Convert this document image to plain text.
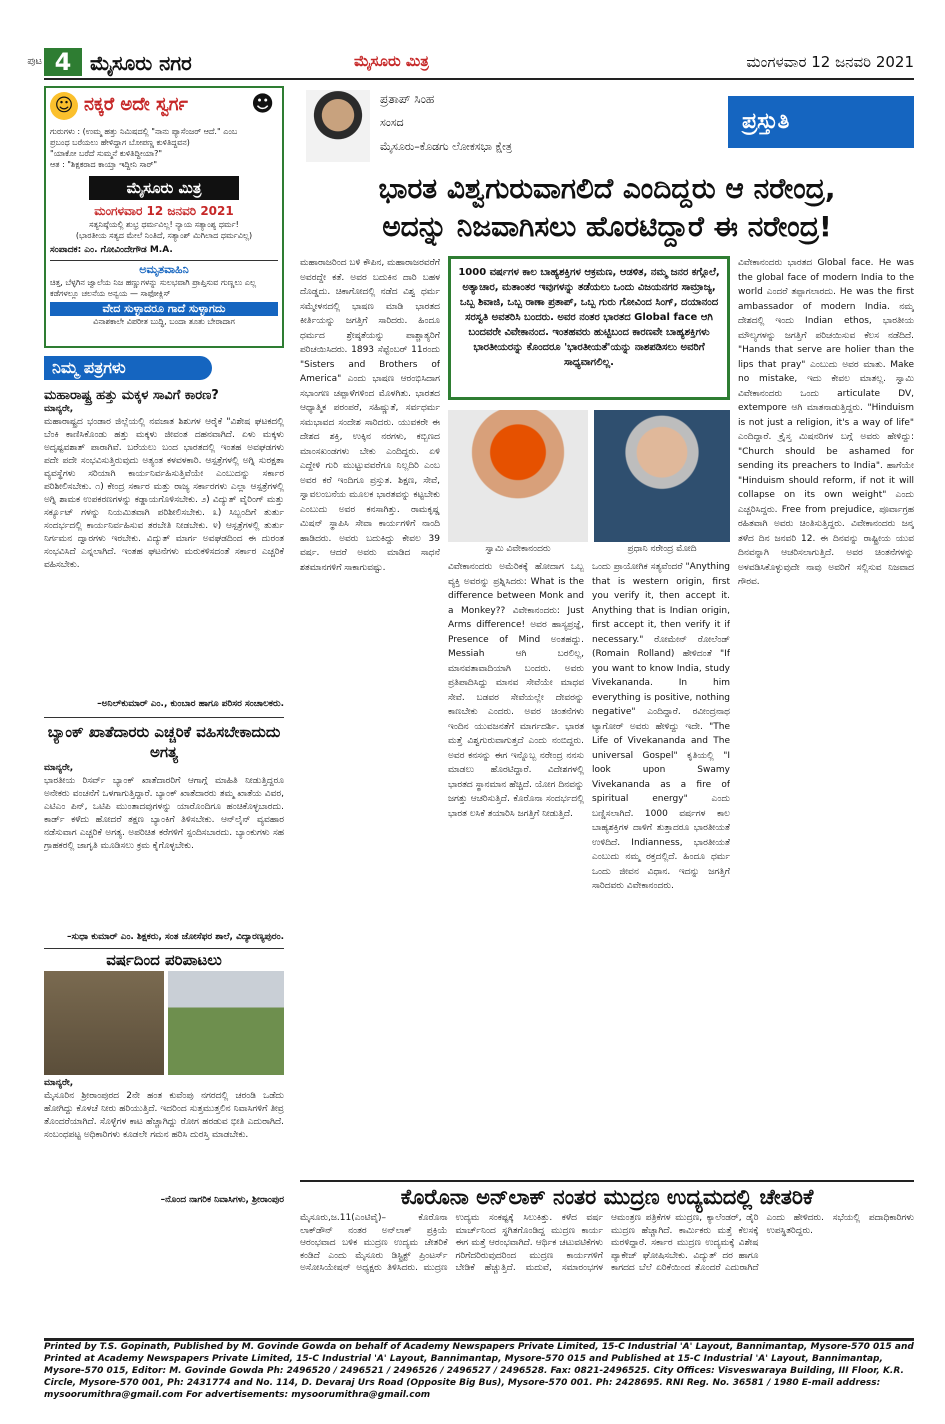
ಪುಟ 4 ಮೈಸೂರು ನಗರ	ಮೈಸೂರು ಮಿತ್ರ	ಮಂಗಳವಾರ 12 ಜನವರಿ 2021
☺ ನಕ್ಕರೆ ಅದೇ ಸ್ವರ್ಗ	☻
ಗುರುಗಳು : (ಉಮ್ಮ ಹತ್ತು ನಿಮಿಷದಲ್ಲಿ "ನಾನು ಪ್ಯಾಸೆಂಜರ್ ಆದೆ." ಎಂಬ
ಪ್ರಬಂಧ ಬರೆಯಲು ಹೇಳಿದ್ದಾಗ ಬೋಪಣ್ಣ ಕುಳಿತಿದ್ದವನ)
"ಯಾಕೋ ಬರೆದೆ ಸುಮ್ಮನೆ ಕುಳಿತಿದ್ದೀಯಾ?"
ಆತ : "ಶಿಕ್ಷಕರಾದ ಕಾಯ್ತಾ ಇದ್ದೀನಿ ಸಾರ್"
ಮೈಸೂರು ಮಿತ್ರ
ಮಂಗಳವಾರ 12 ಜನವರಿ 2021
ಸತ್ಯನಿಷ್ಠೆಯಲ್ಲಿ ಶುಭ್ರ ಧರ್ಮವಿಲ್ಲ! ನ್ಯಾಯ ಸತ್ಯಾಂಶ್ಯ ಧರ್ಮ!
(ಭಾರತೀಯ ಸತ್ಯದ ಮೇಲೆ ನಿಂತಿದೆ, ಸತ್ಯಾಂಶ್ ಮಿಗಿಲಾದ ಧರ್ಮವಿಲ್ಲ)
ಸಂಪಾದಕ: ಎಂ. ಗೋವಿಂದೇಗೌಡ M.A.
ಅಮೃತವಾಹಿನಿ
ಚಿತ್ತ, ಬೆಳ್ಳಗಿನ ಜ್ವಾಲೆಯ ನಿಜ ಹಣ್ಣುಗಳನ್ನು ಸುಲಭವಾಗಿ ಪ್ರಾಪ್ತಿಸುವ ಗುಣ್ಣಲು ಎಲ್ಲ ಕಡೆಗಳಲ್ಲೂ ಚಲನೆಯ ಅನ್ವಯ — ಸಾಫೋಕ್ಲಿಸ್
ವೇದ ಸುಳ್ಳಾದರೂ ಗಾದೆ ಸುಳ್ಳಾಗದು
ವಿನಾಶಕಾಲೇ ವಿಪರೀತ ಬುದ್ಧಿ, ಬಂದಾ ತೂತು ಬೇರಾದಾಗ
ನಿಮ್ಮ ಪತ್ರಗಳು
ಮಹಾರಾಷ್ಟ್ರ ಹತ್ತು ಮಕ್ಕಳ ಸಾವಿಗೆ ಕಾರಣ?
ಮಾನ್ಯರೇ,
ಮಹಾರಾಷ್ಟ್ರದ ಭಂಡಾರ ಜಿಲ್ಲೆಯಲ್ಲಿ ನವಜಾತ ಶಿಶುಗಳ ಆರೈಕೆ "ವಿಶೇಷ ಘಟಕದಲ್ಲಿ ಬೆಂಕಿ ಕಾಣಿಸಿಕೊಂಡು ಹತ್ತು ಮಕ್ಕಳು ಜೀವಂತ ದಹನವಾಗಿದೆ. ಏಳು ಮಕ್ಕಳು ಅದೃಷ್ಟವಶಾತ್ ಪಾರಾಗಿವೆ. ಬರೆಯಲು ಬಂದ ಭಾರತದಲ್ಲಿ ಇಂತಹ ಅವಘಡಗಳು ಪದೇ ಪದೇ ಸಂಭವಿಸುತ್ತಿರುವುದು ಅತ್ಯಂತ ಕಳವಳಕಾರಿ. ಆಸ್ಪತ್ರೆಗಳಲ್ಲಿ ಅಗ್ನಿ ಸುರಕ್ಷತಾ ವ್ಯವಸ್ಥೆಗಳು ಸರಿಯಾಗಿ ಕಾರ್ಯನಿರ್ವಹಿಸುತ್ತಿವೆಯೇ ಎಂಬುದನ್ನು ಸರ್ಕಾರ ಪರಿಶೀಲಿಸಬೇಕು. ೧) ಕೇಂದ್ರ ಸರ್ಕಾರ ಮತ್ತು ರಾಜ್ಯ ಸರ್ಕಾರಗಳು ಎಲ್ಲಾ ಆಸ್ಪತ್ರೆಗಳಲ್ಲಿ ಅಗ್ನಿ ಶಾಮಕ ಉಪಕರಣಗಳನ್ನು ಕಡ್ಡಾಯಗೊಳಿಸಬೇಕು. ೨) ವಿದ್ಯುತ್ ವೈರಿಂಗ್ ಮತ್ತು ಸರ್ಕ್ಯೂಟ್ ಗಳನ್ನು ನಿಯಮಿತವಾಗಿ ಪರಿಶೀಲಿಸಬೇಕು. ೩) ಸಿಬ್ಬಂದಿಗೆ ತುರ್ತು ಸಂದರ್ಭದಲ್ಲಿ ಕಾರ್ಯನಿರ್ವಹಿಸುವ ತರಬೇತಿ ನೀಡಬೇಕು. ೪) ಆಸ್ಪತ್ರೆಗಳಲ್ಲಿ ತುರ್ತು ನಿರ್ಗಮನ ದ್ವಾರಗಳು ಇರಬೇಕು. ವಿದ್ಯುತ್ ಮಾರ್ಗ ಅವಘಡದಿಂದ ಈ ದುರಂತ ಸಂಭವಿಸಿದೆ ಎನ್ನಲಾಗಿದೆ. ಇಂತಹ ಘಟನೆಗಳು ಮರುಕಳಿಸದಂತೆ ಸರ್ಕಾರ ಎಚ್ಚರಿಕೆ ವಹಿಸಬೇಕು.
–ಅನಿಲ್‌ಕುಮಾರ್ ಎಂ., ಕುಂಬಾರ ಹಾಗೂ ಪರಿಸರ ಸಂಚಾಲಕರು.
ಬ್ಯಾಂಕ್ ಖಾತೆದಾರರು ಎಚ್ಚರಿಕೆ ವಹಿಸಬೇಕಾದುದು ಅಗತ್ಯ
ಮಾನ್ಯರೇ,
ಭಾರತೀಯ ರಿಸರ್ವ್ ಬ್ಯಾಂಕ್ ಖಾತೆದಾರರಿಗೆ ಆಗಾಗ್ಗೆ ಮಾಹಿತಿ ನೀಡುತ್ತಿದ್ದರೂ ಅನೇಕರು ವಂಚನೆಗೆ ಒಳಗಾಗುತ್ತಿದ್ದಾರೆ. ಬ್ಯಾಂಕ್ ಖಾತೆದಾರರು ತಮ್ಮ ಖಾತೆಯ ವಿವರ, ಎಟಿಎಂ ಪಿನ್, ಒಟಿಪಿ ಮುಂತಾದವುಗಳನ್ನು ಯಾರೊಂದಿಗೂ ಹಂಚಿಕೊಳ್ಳಬಾರದು. ಕಾರ್ಡ್ ಕಳೆದು ಹೋದರೆ ತಕ್ಷಣ ಬ್ಯಾಂಕಿಗೆ ತಿಳಿಸಬೇಕು. ಆನ್‌ಲೈನ್ ವ್ಯವಹಾರ ನಡೆಸುವಾಗ ಎಚ್ಚರಿಕೆ ಅಗತ್ಯ. ಅಪರಿಚಿತ ಕರೆಗಳಿಗೆ ಸ್ಪಂದಿಸಬಾರದು. ಬ್ಯಾಂಕುಗಳು ಸಹ ಗ್ರಾಹಕರಲ್ಲಿ ಜಾಗೃತಿ ಮೂಡಿಸಲು ಕ್ರಮ ಕೈಗೊಳ್ಳಬೇಕು.
–ಸುಧಾ ಕುಮಾರ್ ಎಂ. ಶಿಕ್ಷಕರು, ಸಂತ ಜೋಸೆಫರ ಶಾಲೆ, ವಿದ್ಯಾರಣ್ಯಪುರಂ.
ವರ್ಷದಿಂದ ಪರಿಪಾಟಲು
ಮಾನ್ಯರೇ,
ಮೈಸೂರಿನ ಶ್ರೀರಾಂಪುರದ 2ನೇ ಹಂತ ಕುವೆಂಪು ನಗರದಲ್ಲಿ ಚರಂಡಿ ಒಡೆದು ಹೋಗಿದ್ದು ಕೊಳಚೆ ನೀರು ಹರಿಯುತ್ತಿದೆ. ಇದರಿಂದ ಸುತ್ತಮುತ್ತಲಿನ ನಿವಾಸಿಗಳಿಗೆ ತೀವ್ರ ತೊಂದರೆಯಾಗಿದೆ. ಸೊಳ್ಳೆಗಳ ಕಾಟ ಹೆಚ್ಚಾಗಿದ್ದು ರೋಗ ಹರಡುವ ಭೀತಿ ಎದುರಾಗಿದೆ. ಸಂಬಂಧಪಟ್ಟ ಅಧಿಕಾರಿಗಳು ಕೂಡಲೇ ಗಮನ ಹರಿಸಿ ದುರಸ್ತಿ ಮಾಡಬೇಕು.
–ನೊಂದ ನಾಗರಿಕ ನಿವಾಸಿಗಳು, ಶ್ರೀರಾಂಪುರ
ಪ್ರತಾಪ್ ಸಿಂಹ
ಸಂಸದ
ಮೈಸೂರು–ಕೊಡಗು ಲೋಕಸಭಾ ಕ್ಷೇತ್ರ
ಪ್ರಸ್ತುತಿ
ಭಾರತ ವಿಶ್ವಗುರುವಾಗಲಿದೆ ಎಂದಿದ್ದರು ಆ ನರೇಂದ್ರ,
ಅದನ್ನು ನಿಜವಾಗಿಸಲು ಹೊರಟಿದ್ದಾರೆ ಈ ನರೇಂದ್ರ!
ಮಹಾರಾಜರಿಂದ ಬಳಿ ಕೌಪಿನ, ಮಹಾರಾಜರವರೆಗೆ ಅವರದ್ದೇ ಕತೆ. ಅವರ ಬದುಕಿನ ದಾರಿ ಬಹಳ ದೊಡ್ಡದು. ಚಿಕಾಗೋದಲ್ಲಿ ನಡೆದ ವಿಶ್ವ ಧರ್ಮ ಸಮ್ಮೇಳನದಲ್ಲಿ ಭಾಷಣ ಮಾಡಿ ಭಾರತದ ಕೀರ್ತಿಯನ್ನು ಜಗತ್ತಿಗೆ ಸಾರಿದರು. ಹಿಂದೂ ಧರ್ಮದ ಶ್ರೇಷ್ಠತೆಯನ್ನು ಪಾಶ್ಚಾತ್ಯರಿಗೆ ಪರಿಚಯಿಸಿದರು. 1893 ಸೆಪ್ಟೆಂಬರ್ 11ರಂದು "Sisters and Brothers of America" ಎಂದು ಭಾಷಣ ಆರಂಭಿಸಿದಾಗ ಸಭಾಂಗಣ ಚಪ್ಪಾಳೆಗಳಿಂದ ಮೊಳಗಿತು. ಭಾರತದ ಆಧ್ಯಾತ್ಮಿಕ ಪರಂಪರೆ, ಸಹಿಷ್ಣುತೆ, ಸರ್ವಧರ್ಮ ಸಮಭಾವದ ಸಂದೇಶ ಸಾರಿದರು. ಯುವಕರೇ ಈ ದೇಶದ ಶಕ್ತಿ, ಉಕ್ಕಿನ ನರಗಳು, ಕಬ್ಬಿಣದ ಮಾಂಸಖಂಡಗಳು ಬೇಕು ಎಂದಿದ್ದರು. ಏಳಿ ಎದ್ದೇಳಿ ಗುರಿ ಮುಟ್ಟುವವರೆಗೂ ನಿಲ್ಲದಿರಿ ಎಂಬ ಅವರ ಕರೆ ಇಂದಿಗೂ ಪ್ರಸ್ತುತ. ಶಿಕ್ಷಣ, ಸೇವೆ, ಸ್ವಾವಲಂಬನೆಯ ಮೂಲಕ ಭಾರತವನ್ನು ಕಟ್ಟಬೇಕು ಎಂಬುದು ಅವರ ಕನಸಾಗಿತ್ತು. ರಾಮಕೃಷ್ಣ ಮಿಷನ್ ಸ್ಥಾಪಿಸಿ ಸೇವಾ ಕಾರ್ಯಗಳಿಗೆ ನಾಂದಿ ಹಾಡಿದರು. ಅವರು ಬದುಕಿದ್ದು ಕೇವಲ 39 ವರ್ಷ. ಆದರೆ ಅವರು ಮಾಡಿದ ಸಾಧನೆ ಶತಮಾನಗಳಿಗೆ ಸಾಕಾಗುವಷ್ಟು.
1000 ವರ್ಷಗಳ ಕಾಲ ಬಾಹ್ಯಶಕ್ತಿಗಳ ಆಕ್ರಮಣ, ಆಡಳಿತ, ನಮ್ಮ ಜನರ ಕಗ್ಗೊಲೆ, ಅತ್ಯಾಚಾರ, ಮತಾಂತರ ಇವುಗಳನ್ನು ತಡೆಯಲು ಒಂದು ವಿಜಯನಗರ ಸಾಮ್ರಾಜ್ಯ, ಒಬ್ಬ ಶಿವಾಜಿ, ಒಬ್ಬ ರಾಣಾ ಪ್ರತಾಪ್, ಒಬ್ಬ ಗುರು ಗೋವಿಂದ ಸಿಂಗ್, ದಯಾನಂದ ಸರಸ್ವತಿ ಅವತರಿಸಿ ಬಂದರು. ಅವರ ನಂತರ ಭಾರತದ Global face ಆಗಿ ಬಂದವರೇ ವಿವೇಕಾನಂದ. ಇಂತಹವರು ಹುಟ್ಟಿಬಂದ ಕಾರಣವೇ ಬಾಹ್ಯಶಕ್ತಿಗಳು ಭಾರತೀಯರನ್ನು ಕೊಂದರೂ 'ಭಾರತೀಯತೆ'ಯನ್ನು ನಾಶಪಡಿಸಲು ಅವರಿಗೆ ಸಾಧ್ಯವಾಗಲಿಲ್ಲ.
ಸ್ವಾಮಿ ವಿವೇಕಾನಂದರು	ಪ್ರಧಾನಿ ನರೇಂದ್ರ ಮೋದಿ
ವಿವೇಕಾನಂದರು ಅಮೆರಿಕಕ್ಕೆ ಹೋದಾಗ ಒಬ್ಬ ವ್ಯಕ್ತಿ ಅವರನ್ನು ಪ್ರಶ್ನಿಸಿದರು: What is the difference between Monk and a Monkey?? ವಿವೇಕಾನಂದರು: Just Arms difference! ಅವರ ಹಾಸ್ಯಪ್ರಜ್ಞೆ, Presence of Mind ಅಂತಹದ್ದು. Messiah ಆಗಿ ಬರಲಿಲ್ಲ, ಮಾನವತಾವಾದಿಯಾಗಿ ಬಂದರು. ಅವರು ಪ್ರತಿಪಾದಿಸಿದ್ದು ಮಾನವ ಸೇವೆಯೇ ಮಾಧವ ಸೇವೆ. ಬಡವರ ಸೇವೆಯಲ್ಲೇ ದೇವರನ್ನು ಕಾಣಬೇಕು ಎಂದರು. ಅವರ ಚಿಂತನೆಗಳು ಇಂದಿನ ಯುವಜನತೆಗೆ ಮಾರ್ಗದರ್ಶಿ. ಭಾರತ ಮತ್ತೆ ವಿಶ್ವಗುರುವಾಗುತ್ತದೆ ಎಂದು ನಂಬಿದ್ದರು. ಅವರ ಕನಸನ್ನು ಈಗ ಇನ್ನೊಬ್ಬ ನರೇಂದ್ರ ನನಸು ಮಾಡಲು ಹೊರಟಿದ್ದಾರೆ. ವಿದೇಶಗಳಲ್ಲಿ ಭಾರತದ ಸ್ಥಾನಮಾನ ಹೆಚ್ಚಿದೆ. ಯೋಗ ದಿನವನ್ನು ಜಗತ್ತು ಆಚರಿಸುತ್ತಿದೆ. ಕೊರೊನಾ ಸಂದರ್ಭದಲ್ಲಿ ಭಾರತ ಲಸಿಕೆ ತಯಾರಿಸಿ ಜಗತ್ತಿಗೆ ನೀಡುತ್ತಿದೆ.
ಒಂದು ಪ್ರಾಯೋಗಿಕ ಸತ್ಯವೆಂದರೆ "Anything that is western origin, first you verify it, then accept it. Anything that is Indian origin, first accept it, then verify it if necessary." ರೋಮೇನ್ ರೋಲೆಂಡ್ (Romain Rolland) ಹೇಳಿದಂತೆ "If you want to know India, study Vivekananda. In him everything is positive, nothing negative" ಎಂದಿದ್ದಾರೆ. ರವೀಂದ್ರನಾಥ ಟ್ಯಾಗೋರ್ ಅವರು ಹೇಳಿದ್ದು ಇದೇ. "The Life of Vivekananda and The universal Gospel" ಕೃತಿಯಲ್ಲಿ "I look upon Swamy Vivekananda as a fire of spiritual energy" ಎಂದು ಬಣ್ಣಿಸಲಾಗಿದೆ. 1000 ವರ್ಷಗಳ ಕಾಲ ಬಾಹ್ಯಶಕ್ತಿಗಳ ದಾಳಿಗೆ ತುತ್ತಾದರೂ ಭಾರತೀಯತೆ ಉಳಿದಿದೆ. Indianness, ಭಾರತೀಯತೆ ಎಂಬುದು ನಮ್ಮ ರಕ್ತದಲ್ಲಿದೆ. ಹಿಂದೂ ಧರ್ಮ ಒಂದು ಜೀವನ ವಿಧಾನ. ಇದನ್ನು ಜಗತ್ತಿಗೆ ಸಾರಿದವರು ವಿವೇಕಾನಂದರು.
ವಿವೇಕಾನಂದರು ಭಾರತದ Global face. He was the global face of modern India to the world ಎಂದರೆ ತಪ್ಪಾಗಲಾರದು. He was the first ambassador of modern India. ನಮ್ಮ ದೇಶದಲ್ಲಿ ಇಂದು Indian ethos, ಭಾರತೀಯ ಮೌಲ್ಯಗಳನ್ನು ಜಗತ್ತಿಗೆ ಪರಿಚಯಿಸುವ ಕೆಲಸ ನಡೆದಿದೆ. "Hands that serve are holier than the lips that pray" ಎಂಬುದು ಅವರ ಮಾತು. Make no mistake, ಇದು ಕೇವಲ ಮಾತಲ್ಲ. ಸ್ವಾಮಿ ವಿವೇಕಾನಂದರು ಒಂದು articulate DV, extempore ಆಗಿ ಮಾತನಾಡುತ್ತಿದ್ದರು. "Hinduism is not just a religion, it's a way of life" ಎಂದಿದ್ದಾರೆ. ಕ್ರೈಸ್ತ ಮಿಷನರಿಗಳ ಬಗ್ಗೆ ಅವರು ಹೇಳಿದ್ದು: "Church should be ashamed for sending its preachers to India". ಹಾಗೆಯೇ "Hinduism should reform, if not it will collapse on its own weight" ಎಂದು ಎಚ್ಚರಿಸಿದ್ದರು. Free from prejudice, ಪೂರ್ವಾಗ್ರಹ ರಹಿತವಾಗಿ ಅವರು ಚಿಂತಿಸುತ್ತಿದ್ದರು. ವಿವೇಕಾನಂದರು ಜನ್ಮ ತಳೆದ ದಿನ ಜನವರಿ 12. ಈ ದಿನವನ್ನು ರಾಷ್ಟ್ರೀಯ ಯುವ ದಿನವನ್ನಾಗಿ ಆಚರಿಸಲಾಗುತ್ತಿದೆ. ಅವರ ಚಿಂತನೆಗಳನ್ನು ಅಳವಡಿಸಿಕೊಳ್ಳುವುದೇ ನಾವು ಅವರಿಗೆ ಸಲ್ಲಿಸುವ ನಿಜವಾದ ಗೌರವ.
ಕೊರೊನಾ ಅನ್‌ಲಾಕ್ ನಂತರ ಮುದ್ರಣ ಉದ್ಯಮದಲ್ಲಿ ಚೇತರಿಕೆ
ಮೈಸೂರು,ಜ.11(ಎಂಟಿವೈ)– ಕೊರೊನಾ ಲಾಕ್‌ಡೌನ್ ನಂತರ ಅನ್‌ಲಾಕ್ ಪ್ರಕ್ರಿಯೆ ಆರಂಭವಾದ ಬಳಿಕ ಮುದ್ರಣ ಉದ್ಯಮ ಚೇತರಿಕೆ ಕಂಡಿದೆ ಎಂದು ಮೈಸೂರು ಡಿಸ್ಟ್ರಿಕ್ಟ್ ಪ್ರಿಂಟರ್ಸ್ ಅಸೋಸಿಯೇಷನ್ ಅಧ್ಯಕ್ಷರು ತಿಳಿಸಿದರು. ಮುದ್ರಣ ಉದ್ಯಮ ಸಂಕಷ್ಟಕ್ಕೆ ಸಿಲುಕಿತ್ತು. ಕಳೆದ ವರ್ಷ ಮಾರ್ಚ್‌ನಿಂದ ಸ್ಥಗಿತಗೊಂಡಿದ್ದ ಮುದ್ರಣ ಕಾರ್ಯ ಈಗ ಮತ್ತೆ ಆರಂಭವಾಗಿದೆ. ಆರ್ಥಿಕ ಚಟುವಟಿಕೆಗಳು ಗರಿಗೆದರಿರುವುದರಿಂದ ಮುದ್ರಣ ಕಾರ್ಯಗಳಿಗೆ ಬೇಡಿಕೆ ಹೆಚ್ಚುತ್ತಿದೆ. ಮದುವೆ, ಸಮಾರಂಭಗಳ ಆಮಂತ್ರಣ ಪತ್ರಿಕೆಗಳ ಮುದ್ರಣ, ಕ್ಯಾಲೆಂಡರ್, ಡೈರಿ ಮುದ್ರಣ ಹೆಚ್ಚಾಗಿದೆ. ಕಾರ್ಮಿಕರು ಮತ್ತೆ ಕೆಲಸಕ್ಕೆ ಮರಳಿದ್ದಾರೆ. ಸರ್ಕಾರ ಮುದ್ರಣ ಉದ್ಯಮಕ್ಕೆ ವಿಶೇಷ ಪ್ಯಾಕೇಜ್ ಘೋಷಿಸಬೇಕು. ವಿದ್ಯುತ್ ದರ ಹಾಗೂ ಕಾಗದದ ಬೆಲೆ ಏರಿಕೆಯಿಂದ ತೊಂದರೆ ಎದುರಾಗಿದೆ ಎಂದು ಹೇಳಿದರು. ಸಭೆಯಲ್ಲಿ ಪದಾಧಿಕಾರಿಗಳು ಉಪಸ್ಥಿತರಿದ್ದರು.
Printed by T.S. Gopinath, Published by M. Govinde Gowda on behalf of Academy Newspapers Private Limited, 15-C Industrial 'A' Layout, Bannimantap, Mysore-570 015 and Printed at Academy Newspapers Private Limited, 15-C Industrial 'A' Layout, Bannimantap, Mysore-570 015 and Published at 15-C Industrial 'A' Layout, Bannimantap, Mysore-570 015, Editor: M. Govinde Gowda Ph: 2496520 / 2496521 / 2496526 / 2496527 / 2496528. Fax: 0821-2496525. City Offices: Visveswaraya Building, III Floor, K.R. Circle, Mysore-570 001, Ph: 2431774 and No. 114, D. Devaraj Urs Road (Opposite Big Bus), Mysore-570 001. Ph: 2428695. RNI Reg. No. 36581 / 1980 E-mail address: mysoorumithra@gmail.com For advertisements: mysoorumithra@gmail.com
